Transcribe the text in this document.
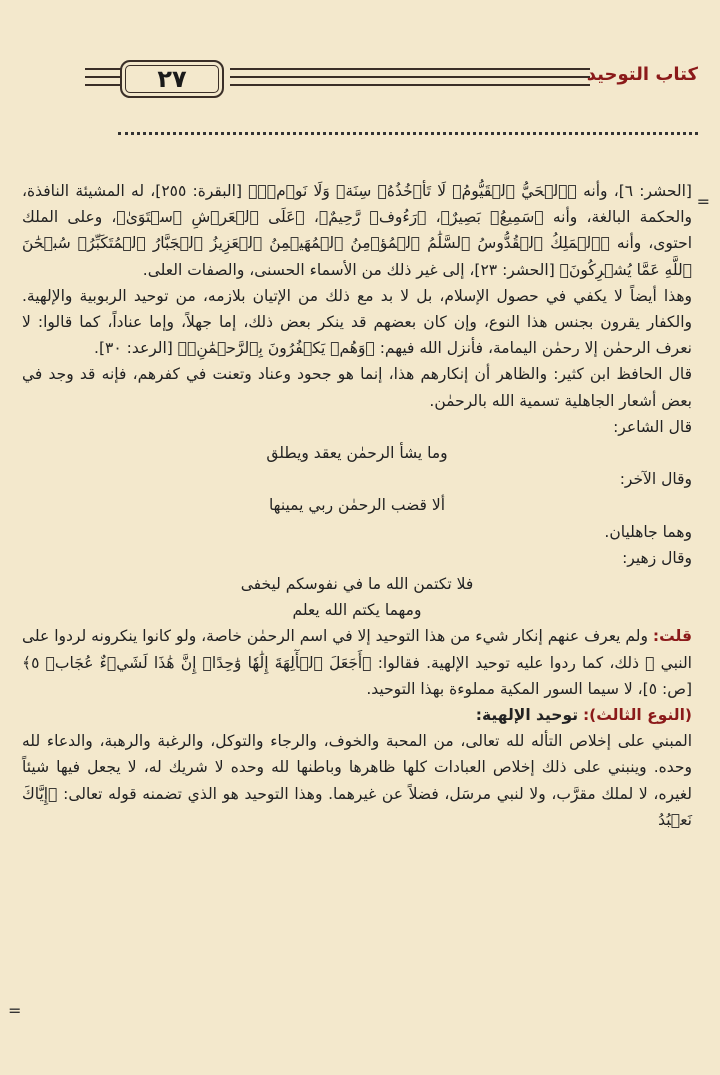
٢٧	كتاب التوحيد
=

[الحشر: ٦]، وأنه ﴿ٱلۡحَيُّ ٱلۡقَيُّومُۚ لَا تَأۡخُذُهُۥ سِنَةٞ وَلَا نَوۡمٞۚ﴾ [البقرة: ٢٥٥]، له المشيئة النافذة، والحكمة البالغة، وأنه ﴿سَمِيعُۢ بَصِيرٌ﴾، ﴿رَءُوفٞ رَّحِيمٌ﴾، ﴿عَلَى ٱلۡعَرۡشِ ٱسۡتَوَىٰ﴾، وعلى الملك احتوى، وأنه ﴿ٱلۡمَلِكُ ٱلۡقُدُّوسُ ٱلسَّلَٰمُ ٱلۡمُؤۡمِنُ ٱلۡمُهَيۡمِنُ ٱلۡعَزِيزُ ٱلۡجَبَّارُ ٱلۡمُتَكَبِّرُۚ سُبۡحَٰنَ ٱللَّهِ عَمَّا يُشۡرِكُونَ﴾ [الحشر: ٢٣]، إلى غير ذلك من الأسماء الحسنى، والصفات العلى.

وهذا أيضاً لا يكفي في حصول الإسلام، بل لا بد مع ذلك من الإتيان بلازمه، من توحيد الربوبية والإلهية. والكفار يقرون بجنس هذا النوع، وإن كان بعضهم قد ينكر بعض ذلك، إما جهلاً، وإما عناداً، كما قالوا: لا نعرف الرحمٰن إلا رحمٰن اليمامة، فأنزل الله فيهم: ﴿وَهُمۡ يَكۡفُرُونَ بِٱلرَّحۡمَٰنِۚ﴾ [الرعد: ٣٠].

قال الحافظ ابن كثير: والظاهر أن إنكارهم هذا، إنما هو جحود وعناد وتعنت في كفرهم، فإنه قد وجد في بعض أشعار الجاهلية تسمية الله بالرحمٰن.

قال الشاعر:

وما يشأ الرحمٰن يعقد ويطلق

وقال الآخر:

ألا قضب الرحمٰن ربي يمينها

وهما جاهليان.

وقال زهير:

فلا تكتمن الله ما في نفوسكم ليخفى

ومهما يكتم الله يعلم

قلت: ولم يعرف عنهم إنكار شيء من هذا التوحيد إلا في اسم الرحمٰن خاصة، ولو كانوا ينكرونه لردوا على النبي ﷺ ذلك، كما ردوا عليه توحيد الإلهية. فقالوا: ﴿أَجَعَلَ ٱلۡأٓلِهَةَ إِلَٰهٗا وَٰحِدًاۖ إِنَّ هَٰذَا لَشَيۡءٌ عُجَابٞ ٥﴾ [ص: ٥]، لا سيما السور المكية مملوءة بهذا التوحيد.

(النوع الثالث): توحيد الإلهية:

المبني على إخلاص التأله لله تعالى، من المحبة والخوف، والرجاء والتوكل، والرغبة والرهبة، والدعاء لله وحده. وينبني على ذلك إخلاص العبادات كلها ظاهرها وباطنها لله وحده لا شريك له، لا يجعل فيها شيئاً لغيره، لا لملك مقرَّب، ولا لنبي مرسَل، فضلاً عن غيرهما. وهذا التوحيد هو الذي تضمنه قوله تعالى: ﴿إِيَّاكَ نَعۡبُدُ

=
